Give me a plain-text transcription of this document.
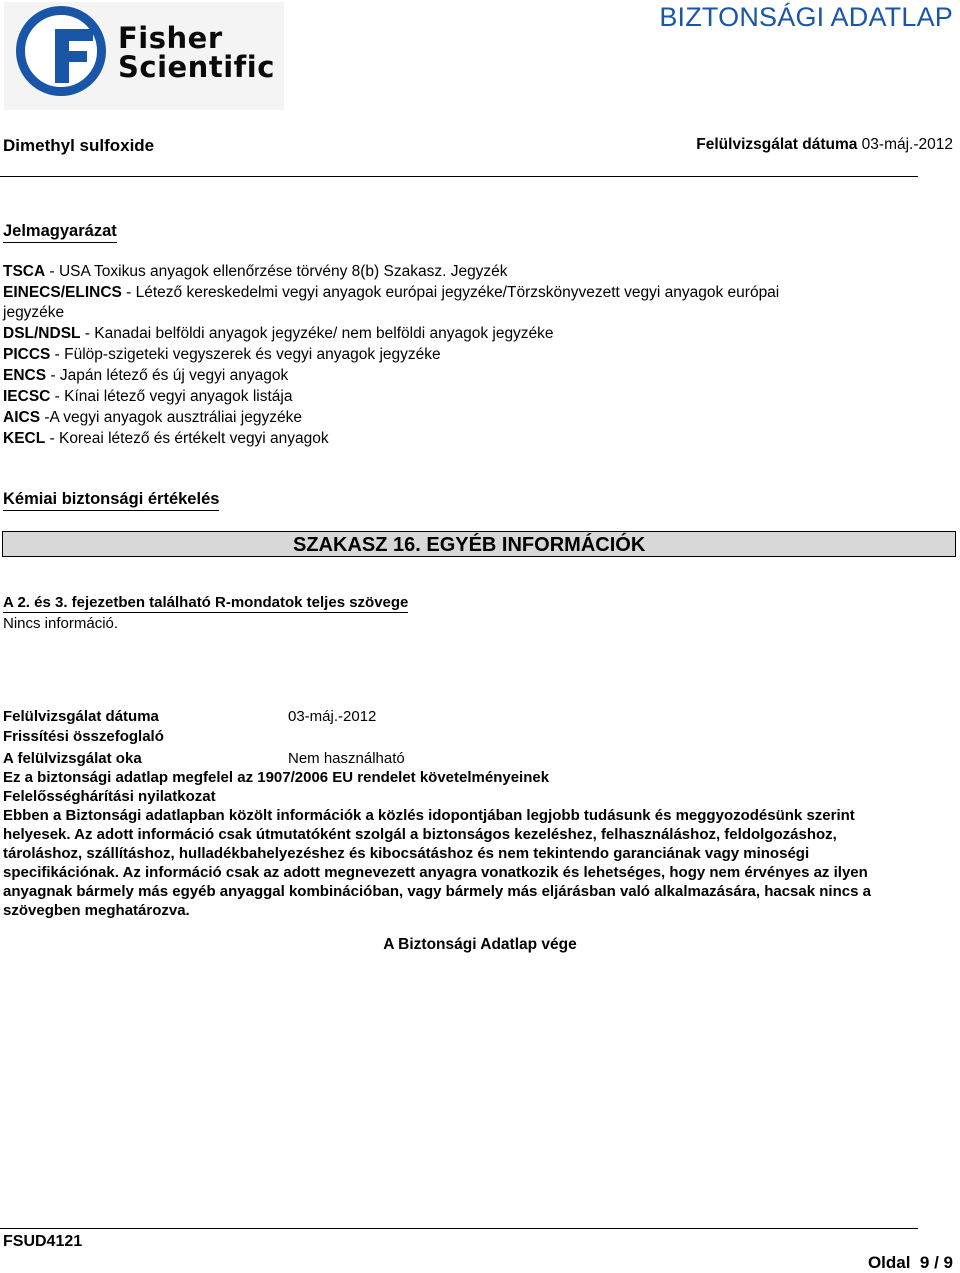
Fisher
Scientific
BIZTONSÁGI ADATLAP
Dimethyl sulfoxide	Felülvizsgálat dátuma 03-máj.-2012
Jelmagyarázat
TSCA - USA Toxikus anyagok ellenőrzése törvény 8(b) Szakasz. Jegyzék
EINECS/ELINCS - Létező kereskedelmi vegyi anyagok európai jegyzéke/Törzskönyvezett vegyi anyagok európai
jegyzéke
DSL/NDSL - Kanadai belföldi anyagok jegyzéke/ nem belföldi anyagok jegyzéke
PICCS - Fülöp-szigeteki vegyszerek és vegyi anyagok jegyzéke
ENCS - Japán létező és új vegyi anyagok
IECSC - Kínai létező vegyi anyagok listája
AICS -A vegyi anyagok ausztráliai jegyzéke
KECL - Koreai létező és értékelt vegyi anyagok
Kémiai biztonsági értékelés
SZAKASZ 16. EGYÉB INFORMÁCIÓK
A 2. és 3. fejezetben található R-mondatok teljes szövege
Nincs információ.
Felülvizsgálat dátuma	03-máj.-2012
Frissítési összefoglaló
A felülvizsgálat oka	Nem használható
Ez a biztonsági adatlap megfelel az 1907/2006 EU rendelet követelményeinek
Felelősséghárítási nyilatkozat
Ebben a Biztonsági adatlapban közölt információk a közlés idopontjában legjobb tudásunk és meggyozodésünk szerint
helyesek. Az adott információ csak útmutatóként szolgál a biztonságos kezeléshez, felhasználáshoz, feldolgozáshoz,
tároláshoz, szállításhoz, hulladékbahelyezéshez és kibocsátáshoz és nem tekintendo garanciának vagy minoségi
specifikációnak. Az információ csak az adott megnevezett anyagra vonatkozik és lehetséges, hogy nem érvényes az ilyen
anyagnak bármely más egyéb anyaggal kombinációban, vagy bármely más eljárásban való alkalmazására, hacsak nincs a
szövegben meghatározva.
A Biztonsági Adatlap vége
FSUD4121
Oldal 9 / 9
